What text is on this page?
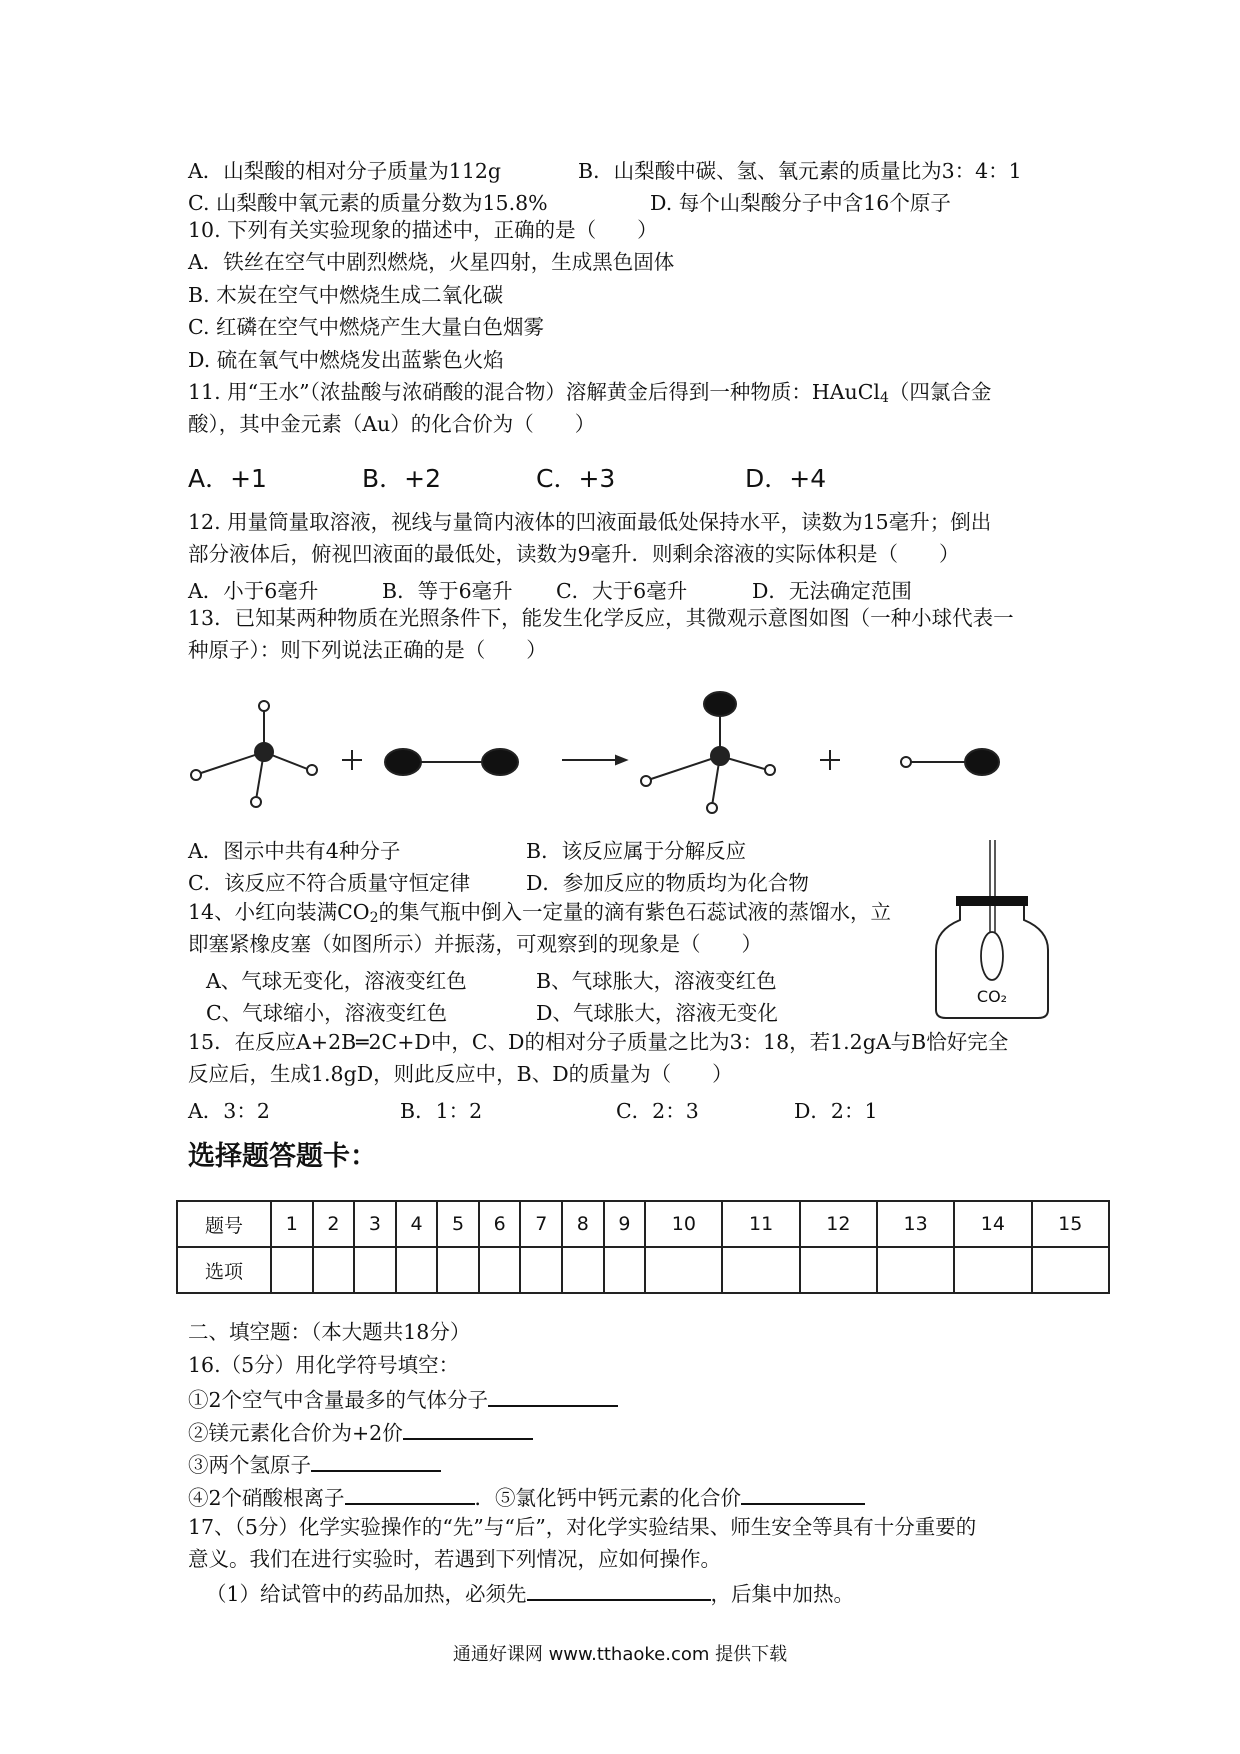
A．山梨酸的相对分子质量为112g	B．山梨酸中碳、氢、氧元素的质量比为3：4：1
C. 山梨酸中氧元素的质量分数为15.8%	D. 每个山梨酸分子中含16个原子
10. 下列有关实验现象的描述中，正确的是（　　）
A．铁丝在空气中剧烈燃烧，火星四射，生成黑色固体
B. 木炭在空气中燃烧生成二氧化碳
C. 红磷在空气中燃烧产生大量白色烟雾
D. 硫在氧气中燃烧发出蓝紫色火焰
11. 用“王水”（浓盐酸与浓硝酸的混合物）溶解黄金后得到一种物质：HAuCl$_4$（四氯合金
酸），其中金元素（Au）的化合价为（　　）
A．+1	B．+2	C．+3	D．+4
12. 用量筒量取溶液，视线与量筒内液体的凹液面最低处保持水平，读数为15毫升；倒出
部分液体后，俯视凹液面的最低处，读数为9毫升．则剩余溶液的实际体积是（　　）
A．小于6毫升	B．等于6毫升 C．大于6毫升	D．无法确定范围
13．已知某两种物质在光照条件下，能发生化学反应，其微观示意图如图（一种小球代表一
种原子）：则下列说法正确的是（　　）
A．图示中共有4种分子	B．该反应属于分解反应
C．该反应不符合质量守恒定律	D．参加反应的物质均为化合物
14、小红向装满$CO_2$的集气瓶中倒入一定量的滴有紫色石蕊试液的蒸馏水，立
即塞紧橡皮塞（如图所示）并振荡，可观察到的现象是（　　）
A、气球无变化，溶液变红色	B、气球胀大，溶液变红色
C、气球缩小，溶液变红色	D、气球胀大，溶液无变化
CO₂
15．在反应A+2B═2C+D中，C、D的相对分子质量之比为3：18，若1.2gA与B恰好完全
反应后，生成1.8gD，则此反应中，B、D的质量为（　　）
A．3：2	B．1：2	C．2：3	D．2：1
选择题答题卡：
题号	1	2	3	4	5	6	7	8	9	10	11	12	13	14	15
选项															
二、填空题：（本大题共18分）
16.（5分）用化学符号填空：
①2个空气中含量最多的气体分子
②镁元素化合价为+2价
③两个氢原子
④2个硝酸根离子	．⑤氯化钙中钙元素的化合价
17、（5分）化学实验操作的“先”与“后”，对化学实验结果、师生安全等具有十分重要的
意义。我们在进行实验时，若遇到下列情况，应如何操作。
（1）给试管中的药品加热，必须先	，后集中加热。
通通好课网 www.tthaoke.com 提供下载
